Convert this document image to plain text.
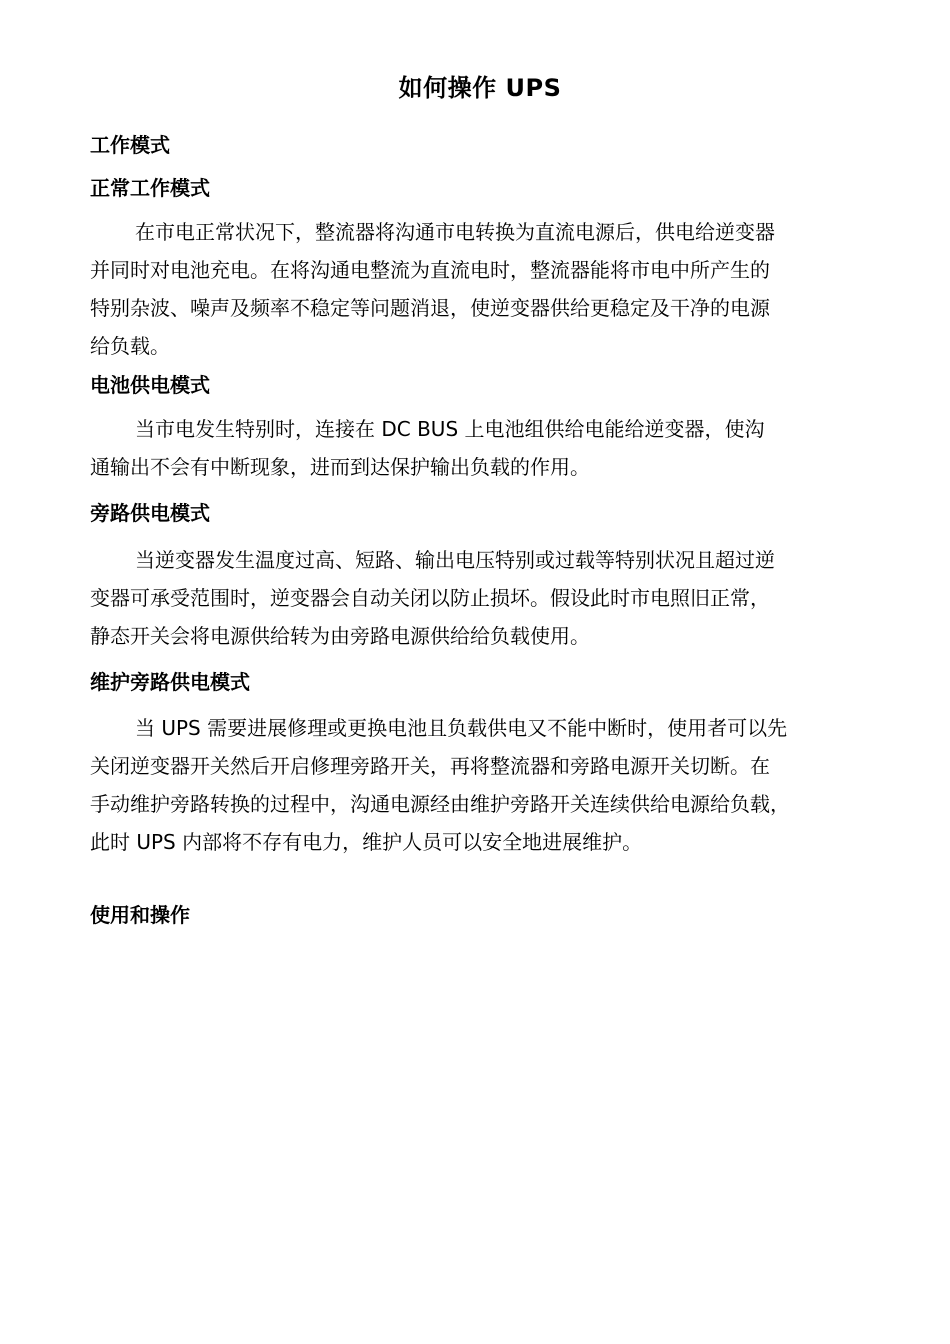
如何操作 UPS
工作模式
正常工作模式
在市电正常状况下，整流器将沟通市电转换为直流电源后，供电给逆变器
并同时对电池充电。在将沟通电整流为直流电时，整流器能将市电中所产生的
特别杂波、噪声及频率不稳定等问题消退，使逆变器供给更稳定及干净的电源
给负载。
电池供电模式
当市电发生特别时，连接在 DC BUS 上电池组供给电能给逆变器，使沟
通输出不会有中断现象，进而到达保护输出负载的作用。
旁路供电模式
当逆变器发生温度过高、短路、输出电压特别或过载等特别状况且超过逆
变器可承受范围时，逆变器会自动关闭以防止损坏。假设此时市电照旧正常，
静态开关会将电源供给转为由旁路电源供给给负载使用。
维护旁路供电模式
当 UPS 需要进展修理或更换电池且负载供电又不能中断时，使用者可以先
关闭逆变器开关然后开启修理旁路开关，再将整流器和旁路电源开关切断。在
手动维护旁路转换的过程中，沟通电源经由维护旁路开关连续供给电源给负载，
此时 UPS 内部将不存有电力，维护人员可以安全地进展维护。
使用和操作
